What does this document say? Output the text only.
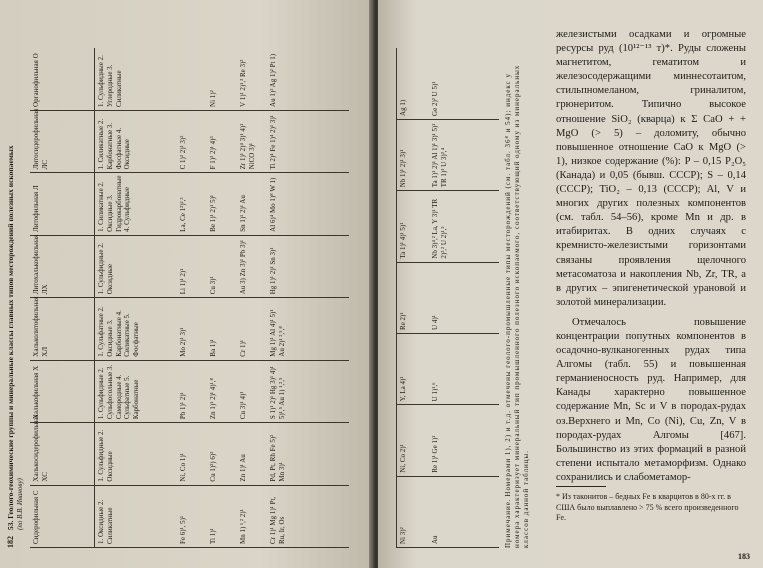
182
53. Геолого-геохимические группы и минеральные классы главных типов месторождений полезных ископаемых (по В.В. Иванову) Сидерофильная С	Халькосидерофильная ХС	Халькофильная Х	Хальколитофильная ХЛ	Литохалькофильная ЛХ	Литофильная Л	Литосидерофильная ЛС	Органофильная О
1. Оксидные 2. Силикатные	1. Сульфидные 2. Оксидные	1. Сульфидные 2. Сульфосольные 3. Самородные 4. Сульфатные 5. Карбонатные	1. Сульфатные 2. Оксидные 3. Карбонатные 4. Силикатные 5. Фосфатные	1. Сульфидные 2. Оксидные	1. Силикатные 2. Оксидные 3. Гидрокарбонатные 4. Сульфидные	1. Силикатные 2. Карбонатные 3. Фосфатные 4. Оксидные	1. Сульфидные 2. Углеродные 3. Силикатные
Fe 6)¹, 5)¹	Ni, Co 1)¹	Pb 1)¹ 2)¹	Mo 2)¹ 3)¹	Li 1)¹ 2)¹	La, Ce 1²)²,³	C 1)³ 2)¹ 3)²	
Ti 1)¹	Cu 1)²) 6)²	Zn 1)¹ 2)¹ 4)¹,⁸	Ba 1)¹	Cu 3)¹	Be 1)¹ 2)¹ 5)¹	F 1)² 2)¹ 4)³	Ni 1)²
Mn 1) ¹,² 2)¹	Zn 1)¹ Au	Cu 3)¹ 4)¹	Cr 1)¹	Au 3) Zn 3)¹ Pb 3)¹	Sn 1)¹ 2)¹ Au	Zr 1)¹ 2)⁴ 3)¹ 4)¹ NiCO 3)¹	V 1)¹ 2)¹,³ Re 3)³
Cr 1)¹ Mg 1)¹ Pt, Ru, Ir, Os	Pd, Pt, Rh Fe 5)² Mn 3)¹	S 1)¹ 2)¹ Hg 3)¹ 4)¹ 5)¹,⁵ Au 1) ¹,²,⁵	Mg 1)¹ Al 4)¹ 5)¹ Au 2)¹ ²,⁵,⁸	Hg 1)¹ 2)¹ Sn 3)¹	Al 6)⁴ Mo 1)⁸ W 1)	Ti 2)⁴ Fe 1)⁴ 2)¹ 3)¹	Au 1)³ Ag 1)² Pt 1)
Ni 3)²	Ni, Co 2)¹	Y, La 4)¹	Re 2)¹	Ta 1)¹ 4)¹ 5)¹	Nb 1)¹ 2)¹ 3)¹	Ag 1)
Au	Re 1)¹ Ge 1)¹	U 1)¹,⁶	U 4)¹	Nb 3)⁴,² La, Y 3)¹ TR 2)³,² U 2)¹,²	Ta 1)¹ 2)¹ Al 1)¹ 3)¹ 5)¹ TR 1)¹ U 3)³,⁴	Ge 2)² U 5)¹
Примечание. Номерами 1), 2) и т.д. отмечены геолого-промышленные типы месторождений (см. табл. 36⁸ и 54); индекс у номера характеризует минеральный тип промышленного полезного ископаемого, соответствующий одному из минеральных классов данной таблицы.

железистыми осадками и огромные ресурсы руд (10¹²⁻¹³ т)*. Руды сложены магнетитом, гематитом и железосодержащими миннесотаитом, стильпномеланом, гриналитом, грюнеритом. Типично высокое отношение SiO₂ (кварца) к Σ CaO + + MgO (> 5) – доломиту, обычно повышенное отношение CaO к MgO (> 1), низкое содержание (%): P – 0,15 P₂O₅ (Канада) и 0,05 (бывш. СССР); S – 0,14 (СССР); TiO₂ – 0,13 (СССР); Al, V и многих других полезных компонентов (см. табл. 54–56), кроме Mn и др. в итабиритах. В одних случаях с кремнисто-железистыми горизонтами связаны проявления щелочного метасоматоза и накопления Nb, Zr, TR, а в других – эпигенетической урановой и золотой минерализации.

Отмечалось повышение концентрации попутных компонентов в осадочно-вулканогенных рудах типа Алгомы (табл. 55) и повышенная германиеносность руд. Например, для Канады характерно повышенное содержание Mn, Sc и V в породах-рудах оз.Верхнего и Mn, Co (Ni), Cu, Zn, V в породах-рудах Алгомы [467]. Большинство из этих формаций в разной степени испытало метаморфизм. Однако сохранились и слабометамор-

* Из таконитов – бедных Fe в кварцитов в 80-х гг. в США было выплавлено > 75 % всего произведенного Fe.
183
